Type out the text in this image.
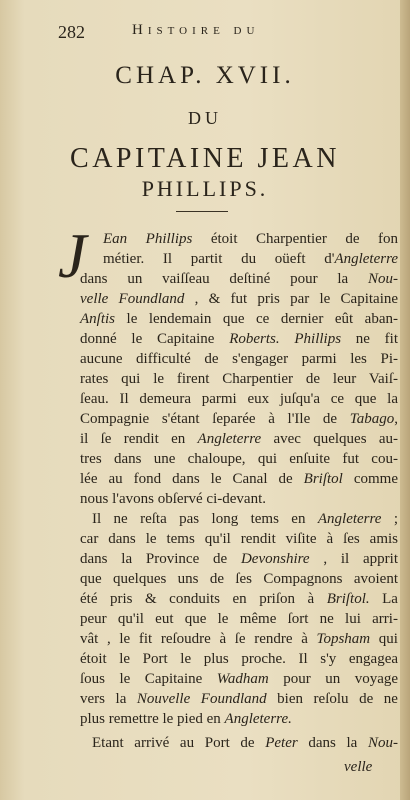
282	Histoire du
CHAP. XVII.
DU
CAPITAINE JEAN
PHILLIPS.
J Ean Phillips étoit Charpentier de fon
métier. Il partit du oüeft d'Angleterre
dans un vaiſſeau deſtiné pour la Nou-
velle Foundland , & fut pris par le Capitaine
Anſtis le lendemain que ce dernier eût aban-
donné le Capitaine Roberts. Phillips ne fit
aucune difficulté de s'engager parmi les Pi-
rates qui le firent Charpentier de leur Vaiſ-
ſeau. Il demeura parmi eux juſqu'a ce que la
Compagnie s'étant ſeparée à l'Ile de Tabago,
il ſe rendit en Angleterre avec quelques au-
tres dans une chaloupe, qui enſuite fut cou-
lée au fond dans le Canal de Briſtol comme
nous l'avons obſervé ci-devant.
Il ne reſta pas long tems en Angleterre ;
car dans le tems qu'il rendit viſite à ſes amis
dans la Province de Devonshire , il apprit
que quelques uns de ſes Compagnons avoient
été pris & conduits en priſon à Briſtol. La
peur qu'il eut que le même ſort ne lui arri-
vât , le fit reſoudre à ſe rendre à Topsham qui
étoit le Port le plus proche. Il s'y engagea
ſous le Capitaine Wadham pour un voyage
vers la Nouvelle Foundland bien reſolu de ne
plus remettre le pied en Angleterre.
Etant arrivé au Port de Peter dans la Nou-
velle
